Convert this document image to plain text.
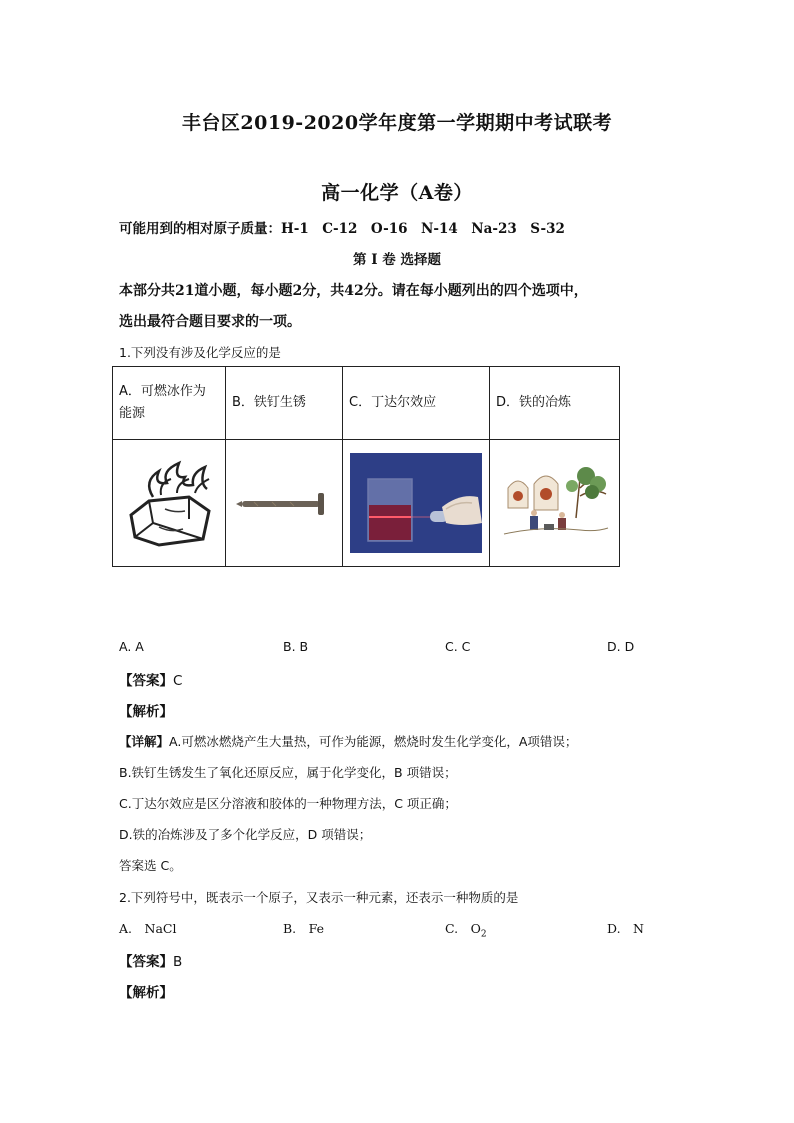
丰台区2019-2020学年度第一学期期中考试联考
高一化学（A卷）
可能用到的相对原子质量：H-1　C-12　O-16　N-14　Na-23　S-32
第 I 卷 选择题
本部分共21道小题，每小题2分，共42分。请在每小题列出的四个选项中，
选出最符合题目要求的一项。
1.下列没有涉及化学反应的是
A．可燃冰作为
能源	B．铁钉生锈	C．丁达尔效应	D．铁的冶炼

A. A	B. B	C. C	D. D
【答案】C
【解析】
【详解】A.可燃冰燃烧产生大量热，可作为能源，燃烧时发生化学变化，A项错误；
B.铁钉生锈发生了氧化还原反应，属于化学变化，B 项错误；
C.丁达尔效应是区分溶液和胶体的一种物理方法，C 项正确；
D.铁的冶炼涉及了多个化学反应，D 项错误；
答案选 C。
2.下列符号中，既表示一个原子，又表示一种元素，还表示一种物质的是
A.　NaCl	B.　Fe	C.　$O_2$	D.　N
【答案】B
【解析】
